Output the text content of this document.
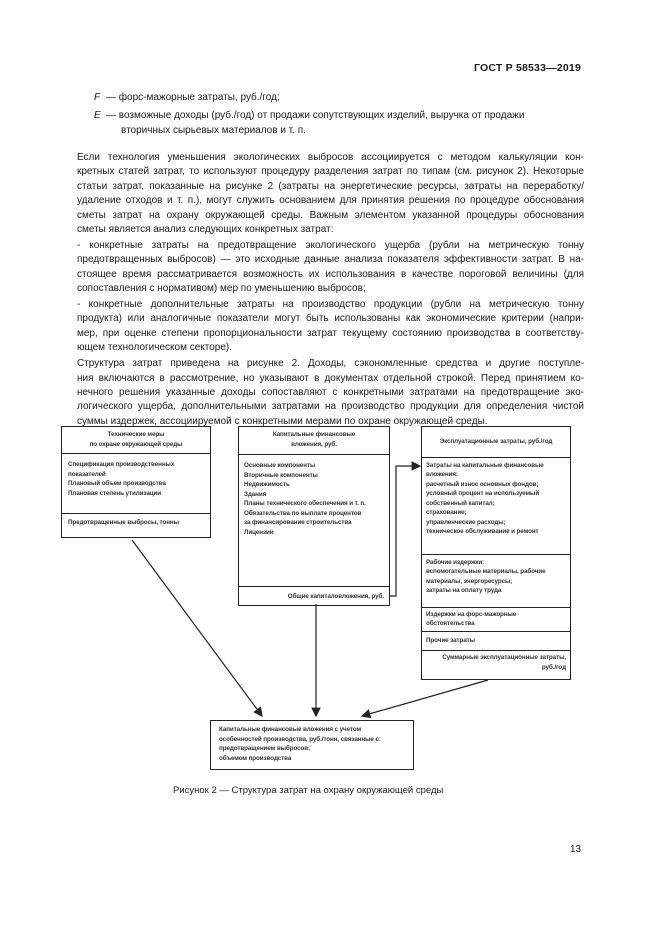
ГОСТ Р 58533—2019
F — форс-мажорные затраты, руб./год;
E — возможные доходы (руб./год) от продажи сопутствующих изделий, выручка от продажи
вторичных сырьевых материалов и т. п.

Если технология уменьшения экологических выбросов ассоциируется с методом калькуляции кон-
кретных статей затрат, то используют процедуру разделения затрат по типам (см. рисунок 2). Некоторые
статьи затрат, показанные на рисунке 2 (затраты на энергетические ресурсы, затраты на переработку/
удаление отходов и т. п.), могут служить основанием для принятия решения по процедуре обоснования
сметы затрат на охрану окружающей среды. Важным элементом указанной процедуры обоснования
сметы является анализ следующих конкретных затрат:

- конкретные затраты на предотвращение экологического ущерба (рубли на метрическую тонну
предотвращенных выбросов) — это исходные данные анализа показателя эффективности затрат. В на-
стоящее время рассматривается возможность их использования в качестве пороговой величины (для
сопоставления с нормативом) мер по уменьшению выбросов;

- конкретные дополнительные затраты на производство продукции (рубли на метрическую тонну
продукта) или аналогичные показатели могут быть использованы как экономические критерии (напри-
мер, при оценке степени пропорциональности затрат текущему состоянию производства в соответству-
ющем технологическом секторе).

Структура затрат приведена на рисунке 2. Доходы, сэкономленные средства и другие поступле-
ния включаются в рассмотрение, но указывают в документах отдельной строкой. Перед принятием ко-
нечного решения указанные доходы сопоставляют с конкретными затратами на предотвращение эко-
логического ущерба, дополнительными затратами на производство продукции для определения чистой
суммы издержек, ассоциируемой с конкретными мерами по охране окружающей среды.

Технические меры
по охране окружающей среды
Спецификация производственных
показателей
Плановый объем производства
Плановая степень утилизации
Предотвращенные выбросы, тонны
Капитальные финансовые
вложения, руб.
Основные компоненты
Вторичные компоненты
Недвижимость
Здания
Планы технического обеспечения и т. п.
Обязательства по выплате процентов
за финансирование строительства
Лицензии
Общие капиталовложения, руб.
Эксплуатационные затраты, руб./год
Затраты на капитальные финансовые
вложения:
расчетный износ основных фондов;
условный процент на используемый
собственный капитал;
страхование;
управленческие расходы;
техническое обслуживание и ремонт
Рабочие издержки:
вспомогательные материалы, рабочие
материалы, энергоресурсы;
затраты на оплату труда
Издержки на форс-мажорные
обстоятельства
Прочие затраты
Суммарные эксплуатационные затраты,
руб./год
Капитальные финансовые вложения с учетом
особенностей производства, руб./тонн, связанные с:
предотвращением выбросов;
объемом производства
Рисунок 2 — Структура затрат на охрану окружающей среды
13
